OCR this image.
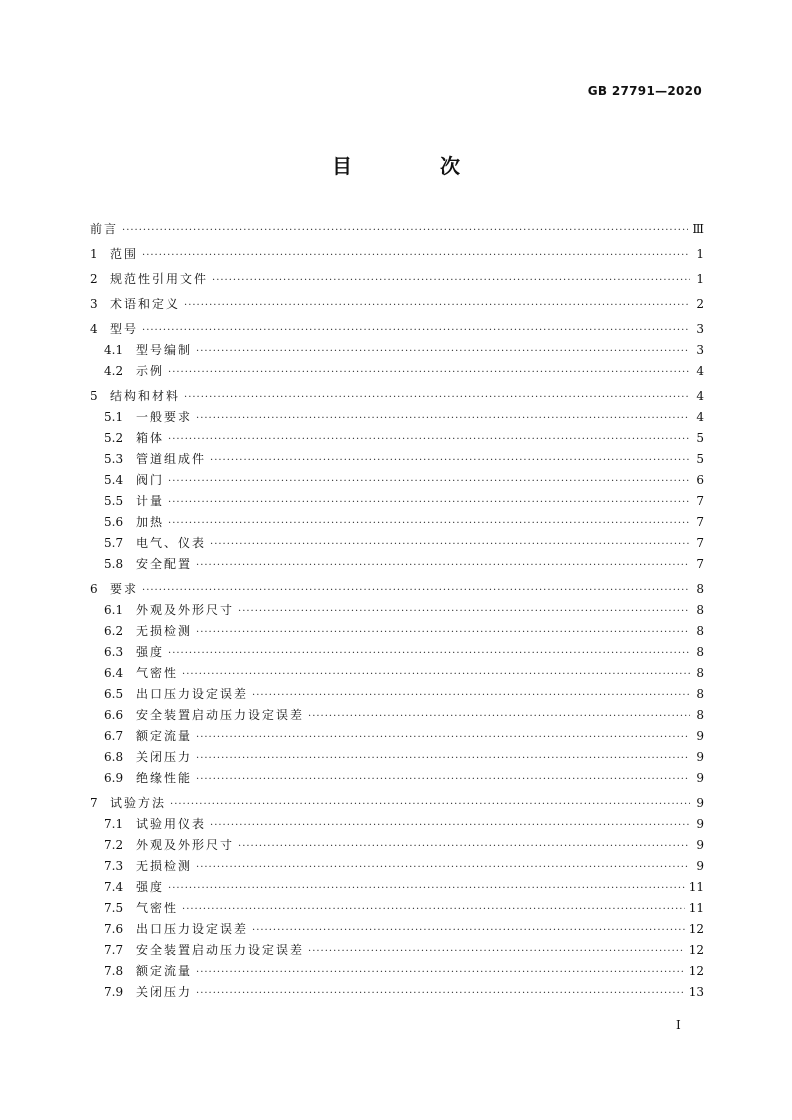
GB 27791—2020
目　次
前言 ·····	Ⅲ
1	范围 ·····	1
2	规范性引用文件 ·····	1
3	术语和定义 ·····	2
4	型号 ·····	3
4.1	型号编制 ·····	3
4.2	示例 ·····	4
5	结构和材料 ·····	4
5.1	一般要求 ·····	4
5.2	箱体 ·····	5
5.3	管道组成件 ·····	5
5.4	阀门 ·····	6
5.5	计量 ·····	7
5.6	加热 ·····	7
5.7	电气、仪表 ·····	7
5.8	安全配置 ·····	7
6	要求 ·····	8
6.1	外观及外形尺寸 ·····	8
6.2	无损检测 ·····	8
6.3	强度 ·····	8
6.4	气密性 ·····	8
6.5	出口压力设定误差 ·····	8
6.6	安全装置启动压力设定误差 ·····	8
6.7	额定流量 ·····	9
6.8	关闭压力 ·····	9
6.9	绝缘性能 ·····	9
7	试验方法 ·····	9
7.1	试验用仪表 ·····	9
7.2	外观及外形尺寸 ·····	9
7.3	无损检测 ·····	9
7.4	强度 ·····	11
7.5	气密性 ·····	11
7.6	出口压力设定误差 ·····	12
7.7	安全装置启动压力设定误差 ·····	12
7.8	额定流量 ·····	12
7.9	关闭压力 ·····	13
I
